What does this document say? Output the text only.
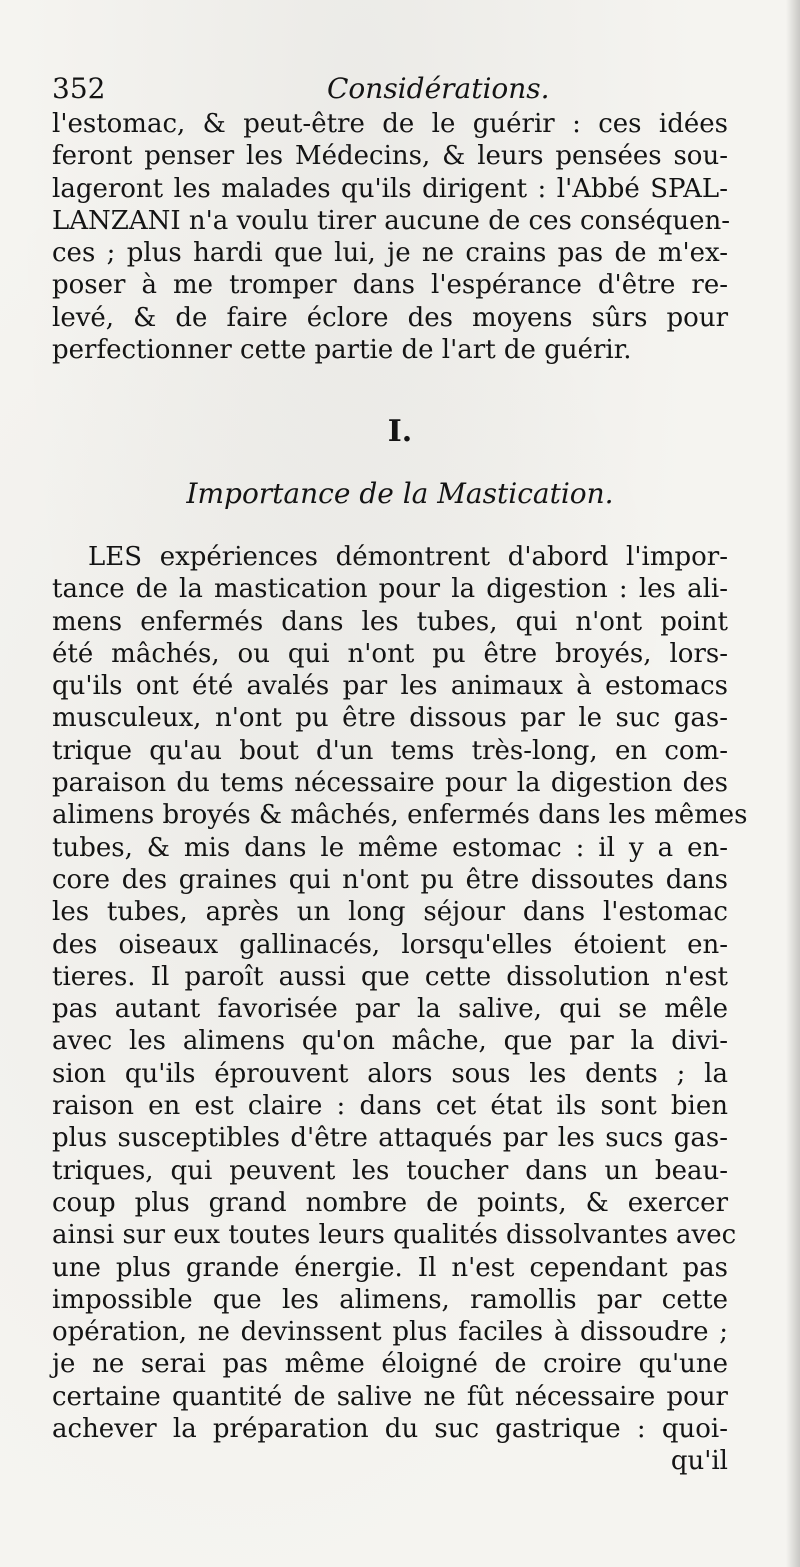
352	Considérations.
l'estomac, & peut-être de le guérir : ces idées
feront penser les Médecins, & leurs pensées sou-
lageront les malades qu'ils dirigent : l'Abbé SPAL-
LANZANI n'a voulu tirer aucune de ces conséquen-
ces ; plus hardi que lui, je ne crains pas de m'ex-
poser à me tromper dans l'espérance d'être re-
levé, & de faire éclore des moyens sûrs pour
perfectionner cette partie de l'art de guérir.
I.
Importance de la Mastication.
LES expériences démontrent d'abord l'impor-
tance de la mastication pour la digestion : les ali-
mens enfermés dans les tubes, qui n'ont point
été mâchés, ou qui n'ont pu être broyés, lors-
qu'ils ont été avalés par les animaux à estomacs
musculeux, n'ont pu être dissous par le suc gas-
trique qu'au bout d'un tems très-long, en com-
paraison du tems nécessaire pour la digestion des
alimens broyés & mâchés, enfermés dans les mêmes
tubes, & mis dans le même estomac : il y a en-
core des graines qui n'ont pu être dissoutes dans
les tubes, après un long séjour dans l'estomac
des oiseaux gallinacés, lorsqu'elles étoient en-
tieres. Il paroît aussi que cette dissolution n'est
pas autant favorisée par la salive, qui se mêle
avec les alimens qu'on mâche, que par la divi-
sion qu'ils éprouvent alors sous les dents ; la
raison en est claire : dans cet état ils sont bien
plus susceptibles d'être attaqués par les sucs gas-
triques, qui peuvent les toucher dans un beau-
coup plus grand nombre de points, & exercer
ainsi sur eux toutes leurs qualités dissolvantes avec
une plus grande énergie. Il n'est cependant pas
impossible que les alimens, ramollis par cette
opération, ne devinssent plus faciles à dissoudre ;
je ne serai pas même éloigné de croire qu'une
certaine quantité de salive ne fût nécessaire pour
achever la préparation du suc gastrique : quoi-
qu'il
